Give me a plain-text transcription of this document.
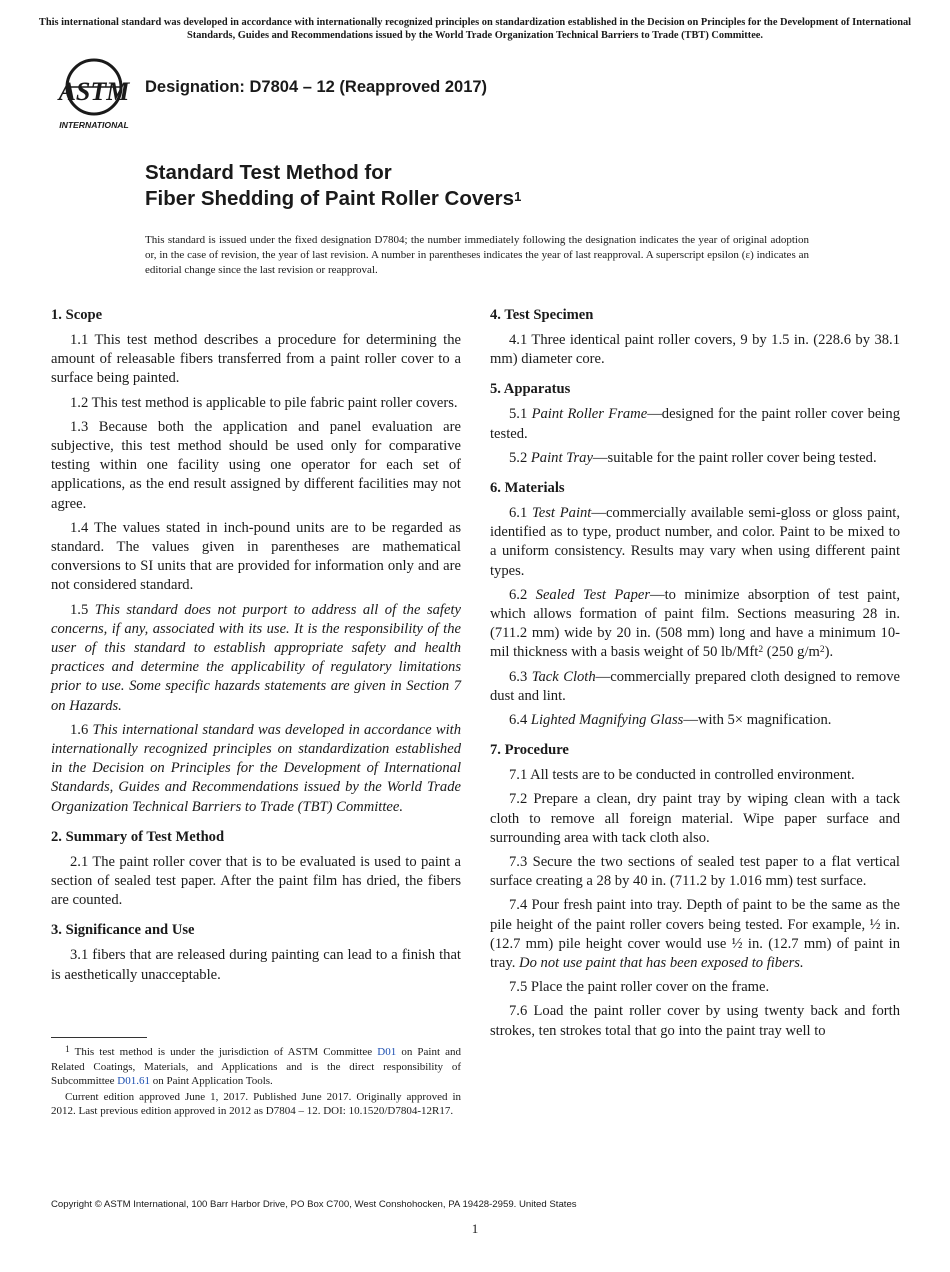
This international standard was developed in accordance with internationally recognized principles on standardization established in the Decision on Principles for the Development of International Standards, Guides and Recommendations issued by the World Trade Organization Technical Barriers to Trade (TBT) Committee.
ASTM
INTERNATIONAL
Designation: D7804 – 12 (Reapproved 2017)
Standard Test Method for
Fiber Shedding of Paint Roller Covers$^1$
This standard is issued under the fixed designation D7804; the number immediately following the designation indicates the year of original adoption or, in the case of revision, the year of last revision. A number in parentheses indicates the year of last reapproval. A superscript epsilon (ε) indicates an editorial change since the last revision or reapproval.
1. Scope

1.1 This test method describes a procedure for determining the amount of releasable fibers transferred from a paint roller cover to a surface being painted.

1.2 This test method is applicable to pile fabric paint roller covers.

1.3 Because both the application and panel evaluation are subjective, this test method should be used only for comparative testing within one facility using one operator for each set of applications, as the end result assigned by different facilities may not agree.

1.4 The values stated in inch-pound units are to be regarded as standard. The values given in parentheses are mathematical conversions to SI units that are provided for information only and are not considered standard.

1.5 This standard does not purport to address all of the safety concerns, if any, associated with its use. It is the responsibility of the user of this standard to establish appropriate safety and health practices and determine the applicability of regulatory limitations prior to use. Some specific hazards statements are given in Section 7 on Hazards.

1.6 This international standard was developed in accordance with internationally recognized principles on standardization established in the Decision on Principles for the Development of International Standards, Guides and Recommendations issued by the World Trade Organization Technical Barriers to Trade (TBT) Committee.

2. Summary of Test Method

2.1 The paint roller cover that is to be evaluated is used to paint a section of sealed test paper. After the paint film has dried, the fibers are counted.

3. Significance and Use

3.1 fibers that are released during painting can lead to a finish that is aesthetically unacceptable.

4. Test Specimen

4.1 Three identical paint roller covers, 9 by 1.5 in. (228.6 by 38.1 mm) diameter core.

5. Apparatus

5.1 Paint Roller Frame—designed for the paint roller cover being tested.

5.2 Paint Tray—suitable for the paint roller cover being tested.

6. Materials

6.1 Test Paint—commercially available semi-gloss or gloss paint, identified as to type, product number, and color. Paint to be mixed to a uniform consistency. Results may vary when using different paint types.

6.2 Sealed Test Paper—to minimize absorption of test paint, which allows formation of paint film. Sections measuring 28 in. (711.2 mm) wide by 20 in. (508 mm) long and have a minimum 10-mil thickness with a basis weight of 50 lb/Mft$^2$ (250 $g/m^2$).

6.3 Tack Cloth—commercially prepared cloth designed to remove dust and lint.

6.4 Lighted Magnifying Glass—with 5× magnification.

7. Procedure

7.1 All tests are to be conducted in controlled environment.

7.2 Prepare a clean, dry paint tray by wiping clean with a tack cloth to remove all foreign material. Wipe paper surface and surrounding area with tack cloth also.

7.3 Secure the two sections of sealed test paper to a flat vertical surface creating a 28 by 40 in. (711.2 by 1.016 mm) test surface.

7.4 Pour fresh paint into tray. Depth of paint to be the same as the pile height of the paint roller covers being tested. For example, ½ in. (12.7 mm) pile height cover would use ½ in. (12.7 mm) of paint in tray. Do not use paint that has been exposed to fibers.

7.5 Place the paint roller cover on the frame.

7.6 Load the paint roller cover by using twenty back and forth strokes, ten strokes total that go into the paint tray well to

$^1$ This test method is under the jurisdiction of ASTM Committee D01 on Paint and Related Coatings, Materials, and Applications and is the direct responsibility of Subcommittee D01.61 on Paint Application Tools.

Current edition approved June 1, 2017. Published June 2017. Originally approved in 2012. Last previous edition approved in 2012 as D7804 – 12. DOI: 10.1520/D7804-12R17.

Copyright © ASTM International, 100 Barr Harbor Drive, PO Box C700, West Conshohocken, PA 19428-2959. United States
1
